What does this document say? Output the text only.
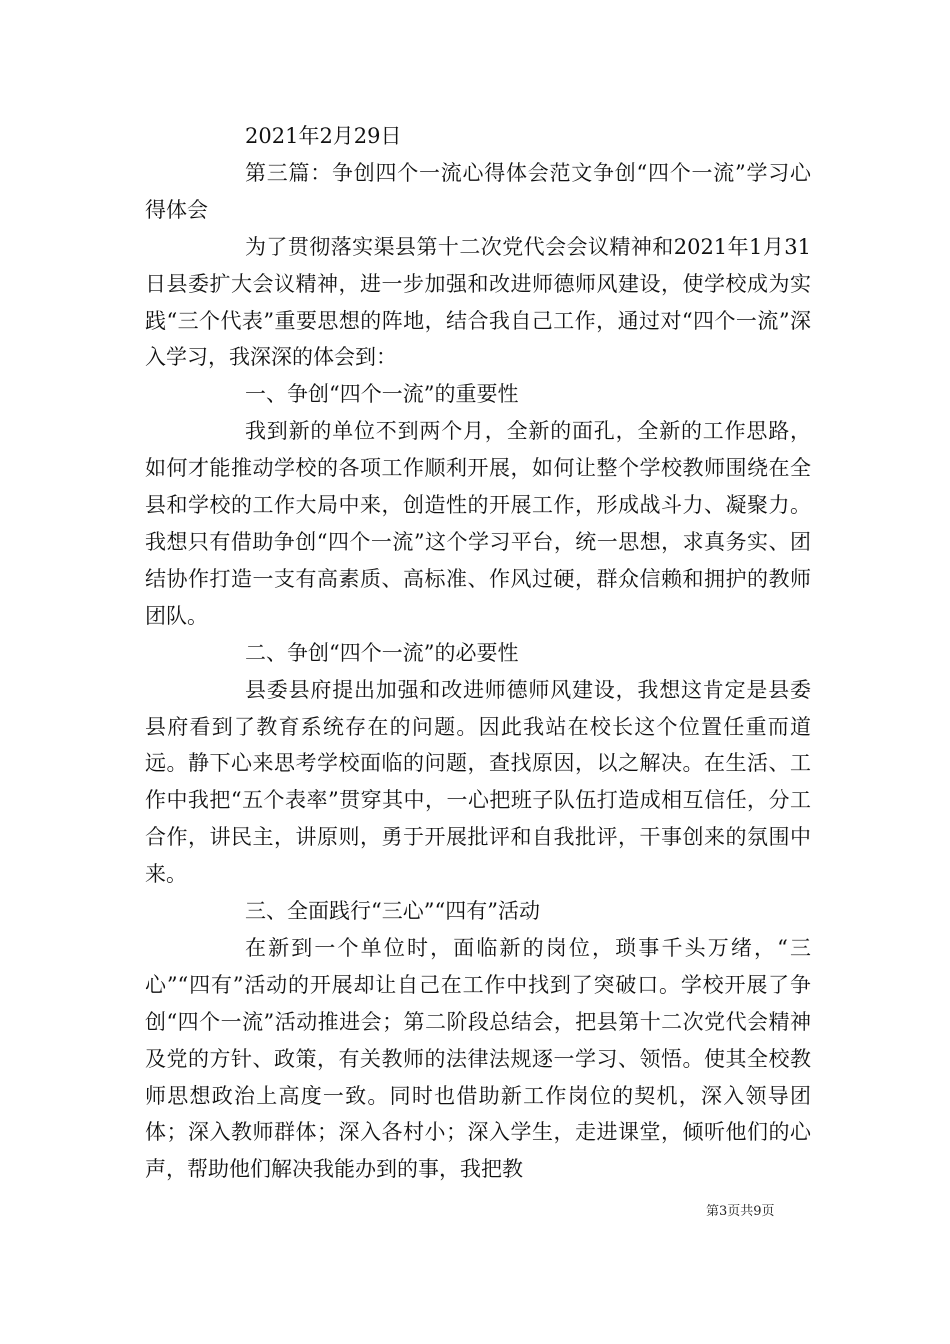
2021年2月29日

第三篇：争创四个一流心得体会范文争创“四个一流”学习心得体会

为了贯彻落实渠县第十二次党代会会议精神和2021年1月31日县委扩大会议精神，进一步加强和改进师德师风建设，使学校成为实践“三个代表”重要思想的阵地，结合我自己工作，通过对“四个一流”深入学习，我深深的体会到：

一、争创“四个一流”的重要性

我到新的单位不到两个月，全新的面孔，全新的工作思路，如何才能推动学校的各项工作顺利开展，如何让整个学校教师围绕在全县和学校的工作大局中来，创造性的开展工作，形成战斗力、凝聚力。我想只有借助争创“四个一流”这个学习平台，统一思想，求真务实、团结协作打造一支有高素质、高标准、作风过硬，群众信赖和拥护的教师团队。

二、争创“四个一流”的必要性

县委县府提出加强和改进师德师风建设，我想这肯定是县委县府看到了教育系统存在的问题。因此我站在校长这个位置任重而道远。静下心来思考学校面临的问题，查找原因，以之解决。在生活、工作中我把“五个表率”贯穿其中，一心把班子队伍打造成相互信任，分工合作，讲民主，讲原则，勇于开展批评和自我批评，干事创来的氛围中来。

三、全面践行“三心”“四有”活动

在新到一个单位时，面临新的岗位，琐事千头万绪，“三心”“四有”活动的开展却让自己在工作中找到了突破口。学校开展了争创“四个一流”活动推进会；第二阶段总结会，把县第十二次党代会精神及党的方针、政策，有关教师的法律法规逐一学习、领悟。使其全校教师思想政治上高度一致。同时也借助新工作岗位的契机，深入领导团体；深入教师群体；深入各村小；深入学生，走进课堂，倾听他们的心声，帮助他们解决我能办到的事，我把教

第3页共9页
